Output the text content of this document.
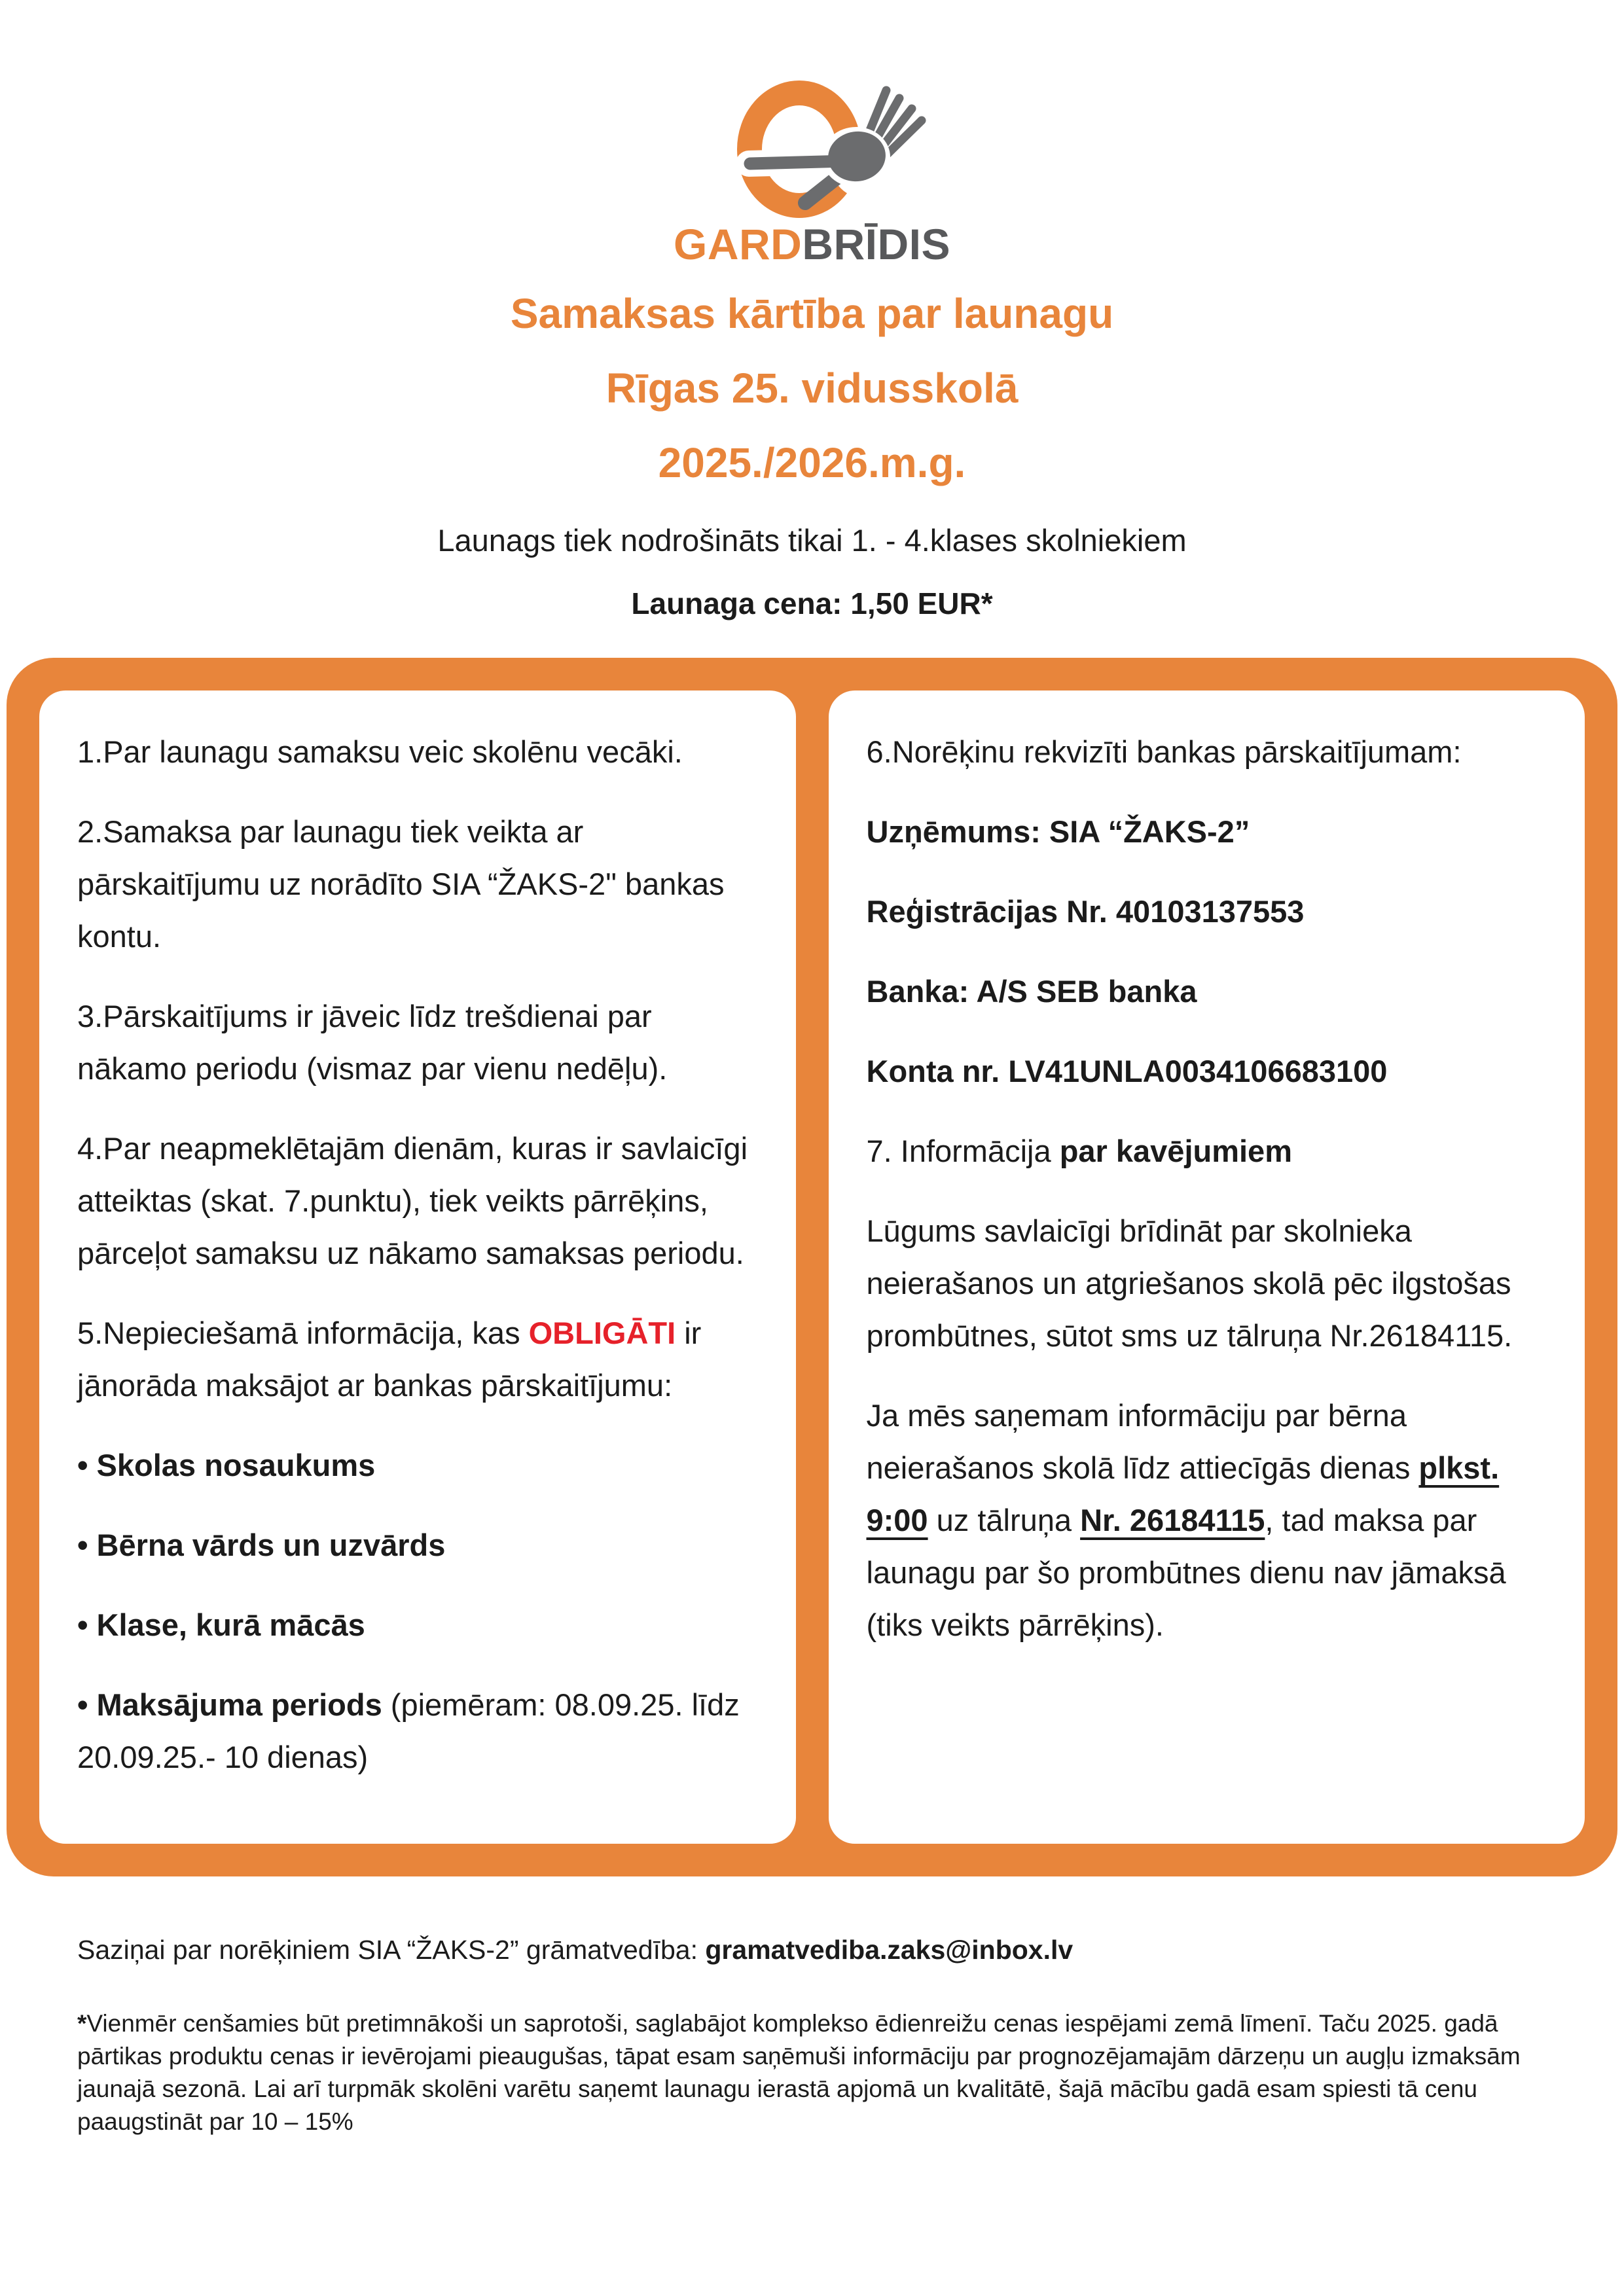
GARDBRĪDIS
Samaksas kārtība par launagu
Rīgas 25. vidusskolā
2025./2026.m.g.
Launags tiek nodrošināts tikai 1. - 4.klases skolniekiem
Launaga cena: 1,50 EUR*

1.Par launagu samaksu veic skolēnu vecāki.

2.Samaksa par launagu tiek veikta ar pārskaitījumu uz norādīto SIA “ŽAKS-2" bankas kontu.

3.Pārskaitījums ir jāveic līdz trešdienai par nākamo periodu (vismaz par vienu nedēļu).

4.Par neapmeklētajām dienām, kuras ir savlaicīgi atteiktas (skat. 7.punktu), tiek veikts pārrēķins, pārceļot samaksu uz nākamo samaksas periodu.

5.Nepieciešamā informācija, kas OBLIGĀTI ir jānorāda maksājot ar bankas pārskaitījumu:

• Skolas nosaukums

• Bērna vārds un uzvārds

• Klase, kurā mācās

• Maksājuma periods (piemēram: 08.09.25. līdz 20.09.25.- 10 dienas)

6.Norēķinu rekvizīti bankas pārskaitījumam:

Uzņēmums: SIA “ŽAKS-2”

Reģistrācijas Nr. 40103137553

Banka: A/S SEB banka

Konta nr. LV41UNLA0034106683100

7. Informācija par kavējumiem

Lūgums savlaicīgi brīdināt par skolnieka neierašanos un atgriešanos skolā pēc ilgstošas prombūtnes, sūtot sms uz tālruņa Nr.26184115.

Ja mēs saņemam informāciju par bērna neierašanos skolā līdz attiecīgās dienas plkst. 9:00 uz tālruņa Nr. 26184115, tad maksa par launagu par šo prombūtnes dienu nav jāmaksā (tiks veikts pārrēķins).

Saziņai par norēķiniem SIA “ŽAKS-2” grāmatvedība: gramatvediba.zaks@inbox.lv
*Vienmēr cenšamies būt pretimnākoši un saprotoši, saglabājot komplekso ēdienreižu cenas iespējami zemā līmenī. Taču 2025. gadā pārtikas produktu cenas ir ievērojami pieaugušas, tāpat esam saņēmuši informāciju par prognozējamajām dārzeņu un augļu izmaksām jaunajā sezonā. Lai arī turpmāk skolēni varētu saņemt launagu ierastā apjomā un kvalitātē, šajā mācību gadā esam spiesti tā cenu paaugstināt par 10 – 15%
